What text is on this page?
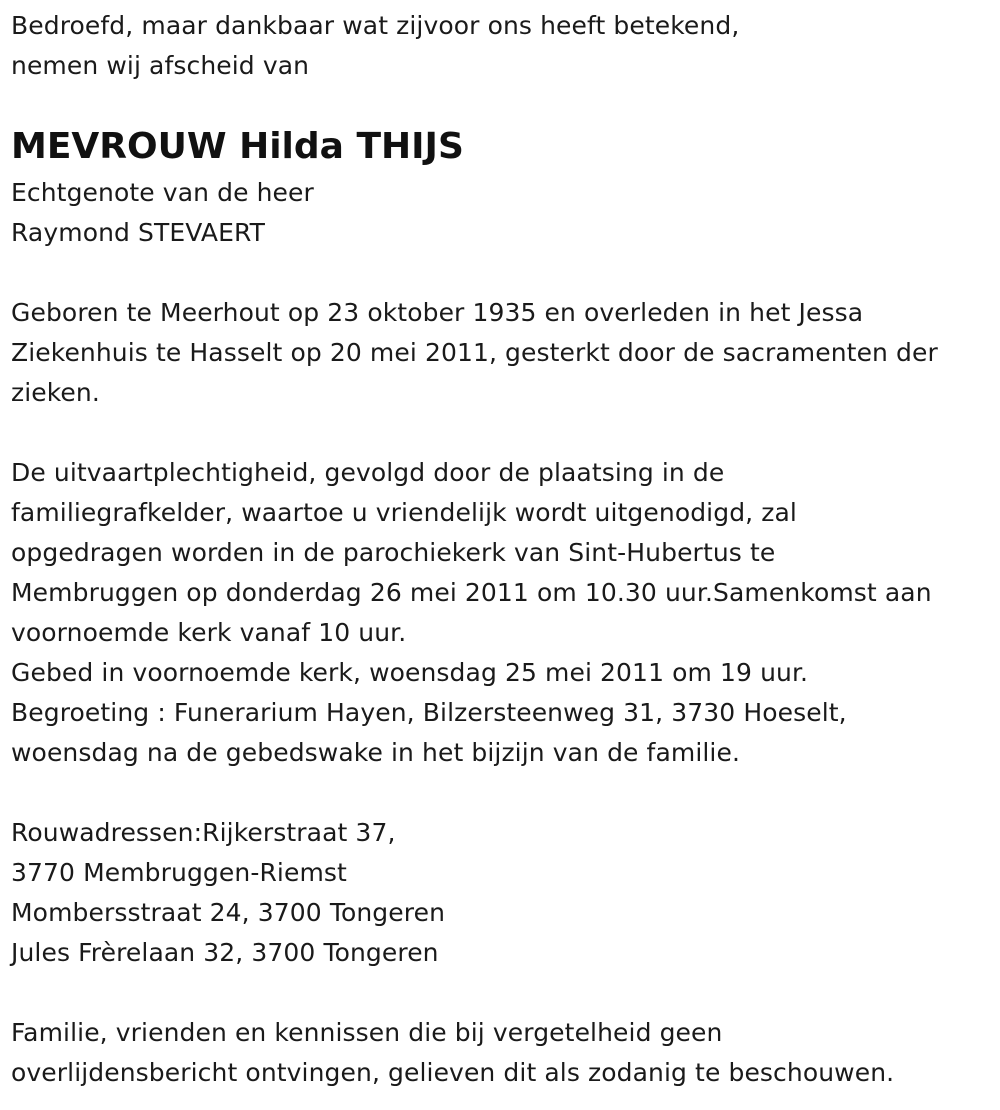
Bedroefd, maar dankbaar wat zijvoor ons heeft betekend,
nemen wij afscheid van
MEVROUW Hilda THIJS
Echtgenote van de heer
Raymond STEVAERT
Geboren te Meerhout op 23 oktober 1935 en overleden in het Jessa
Ziekenhuis te Hasselt op 20 mei 2011, gesterkt door de sacramenten der
zieken.
De uitvaartplechtigheid, gevolgd door de plaatsing in de
familiegrafkelder, waartoe u vriendelijk wordt uitgenodigd, zal
opgedragen worden in de parochiekerk van Sint-Hubertus te
Membruggen op donderdag 26 mei 2011 om 10.30 uur.Samenkomst aan
voornoemde kerk vanaf 10 uur.
Gebed in voornoemde kerk, woensdag 25 mei 2011 om 19 uur.
Begroeting : Funerarium Hayen, Bilzersteenweg 31, 3730 Hoeselt,
woensdag na de gebedswake in het bijzijn van de familie.
Rouwadressen:Rijkerstraat 37,
3770 Membruggen-Riemst
Mombersstraat 24, 3700 Tongeren
Jules Frèrelaan 32, 3700 Tongeren
Familie, vrienden en kennissen die bij vergetelheid geen
overlijdensbericht ontvingen, gelieven dit als zodanig te beschouwen.
